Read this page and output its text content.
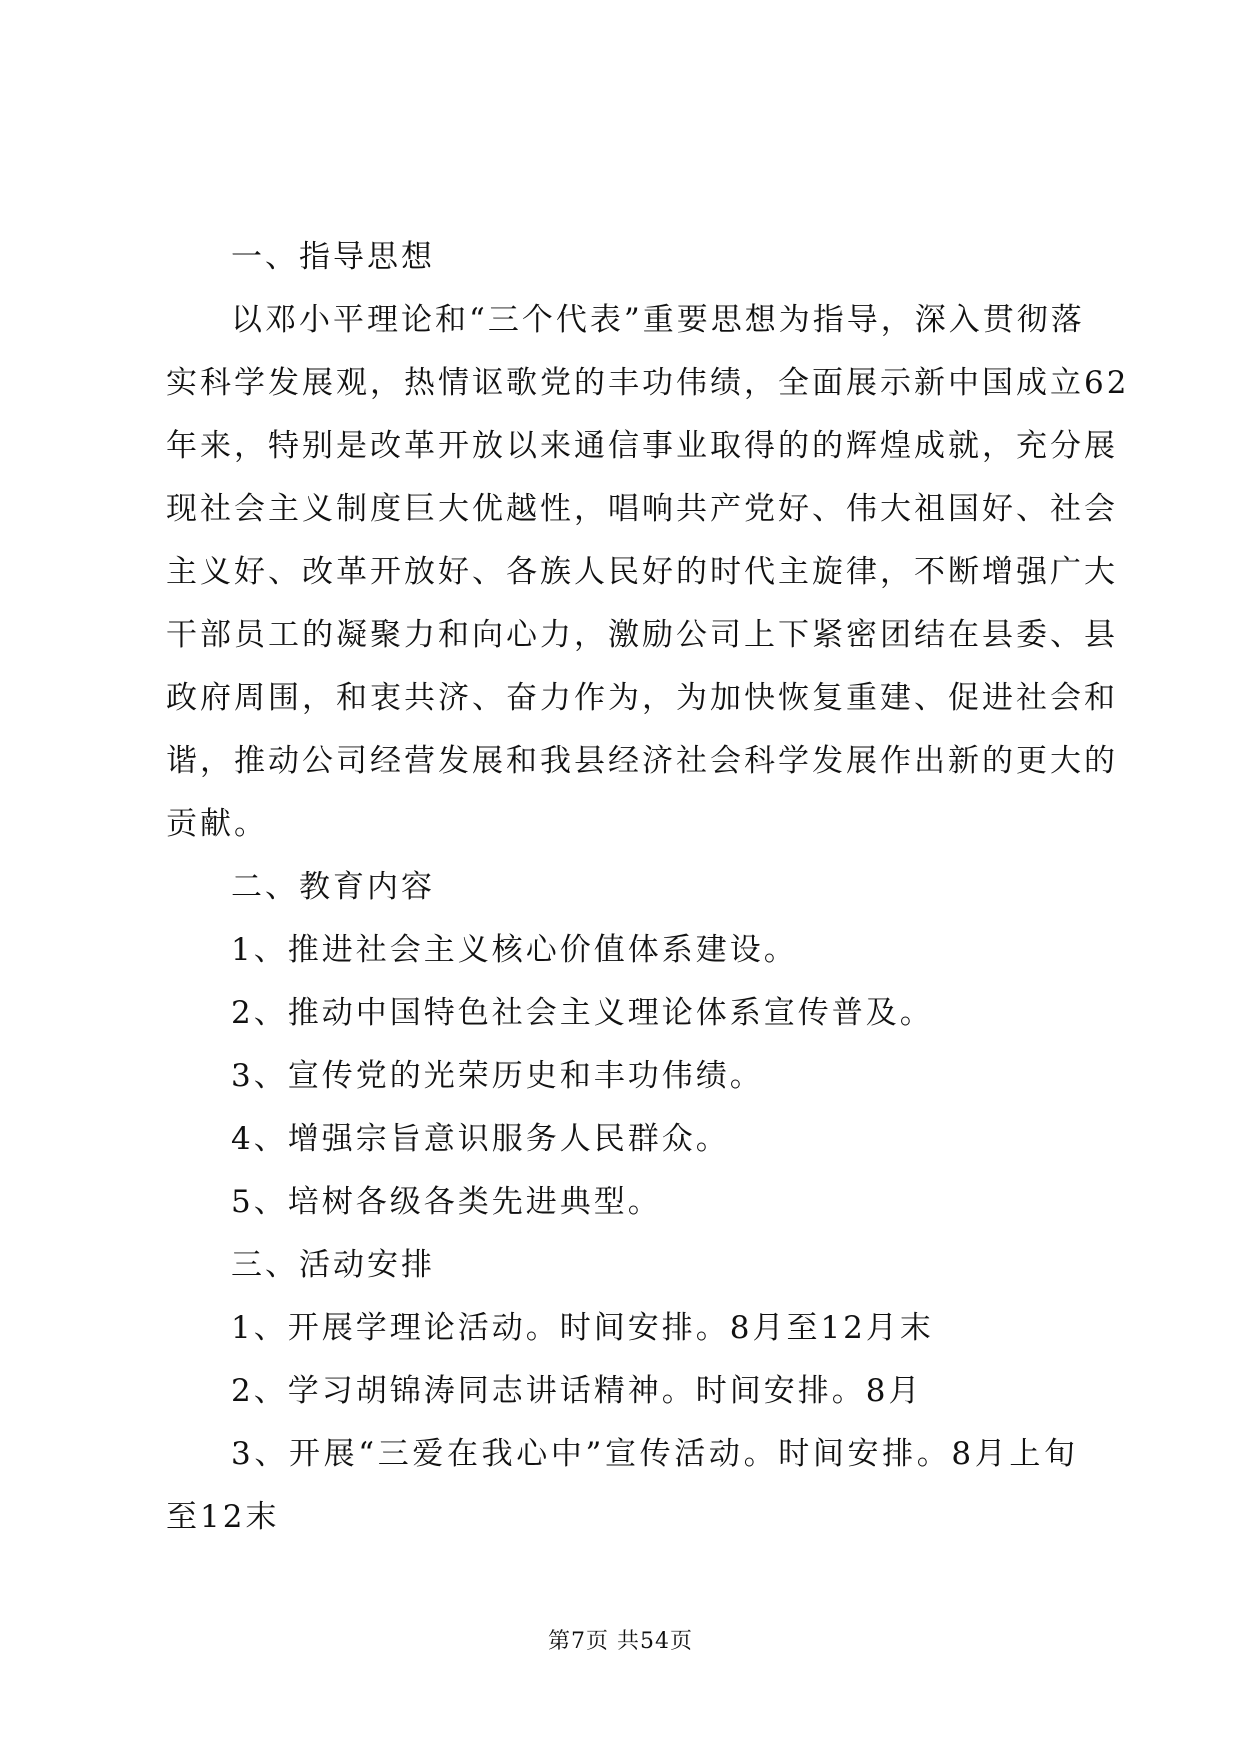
一、指导思想
以邓小平理论和“三个代表”重要思想为指导，深入贯彻落
实科学发展观，热情讴歌党的丰功伟绩，全面展示新中国成立62
年来，特别是改革开放以来通信事业取得的的辉煌成就，充分展
现社会主义制度巨大优越性，唱响共产党好、伟大祖国好、社会
主义好、改革开放好、各族人民好的时代主旋律，不断增强广大
干部员工的凝聚力和向心力，激励公司上下紧密团结在县委、县
政府周围，和衷共济、奋力作为，为加快恢复重建、促进社会和
谐，推动公司经营发展和我县经济社会科学发展作出新的更大的
贡献。
二、教育内容
1、推进社会主义核心价值体系建设。
2、推动中国特色社会主义理论体系宣传普及。
3、宣传党的光荣历史和丰功伟绩。
4、增强宗旨意识服务人民群众。
5、培树各级各类先进典型。
三、活动安排
1、开展学理论活动。时间安排。8月至12月末
2、学习胡锦涛同志讲话精神。时间安排。8月
3、开展“三爱在我心中”宣传活动。时间安排。8月上旬
至12末
第7页 共54页
